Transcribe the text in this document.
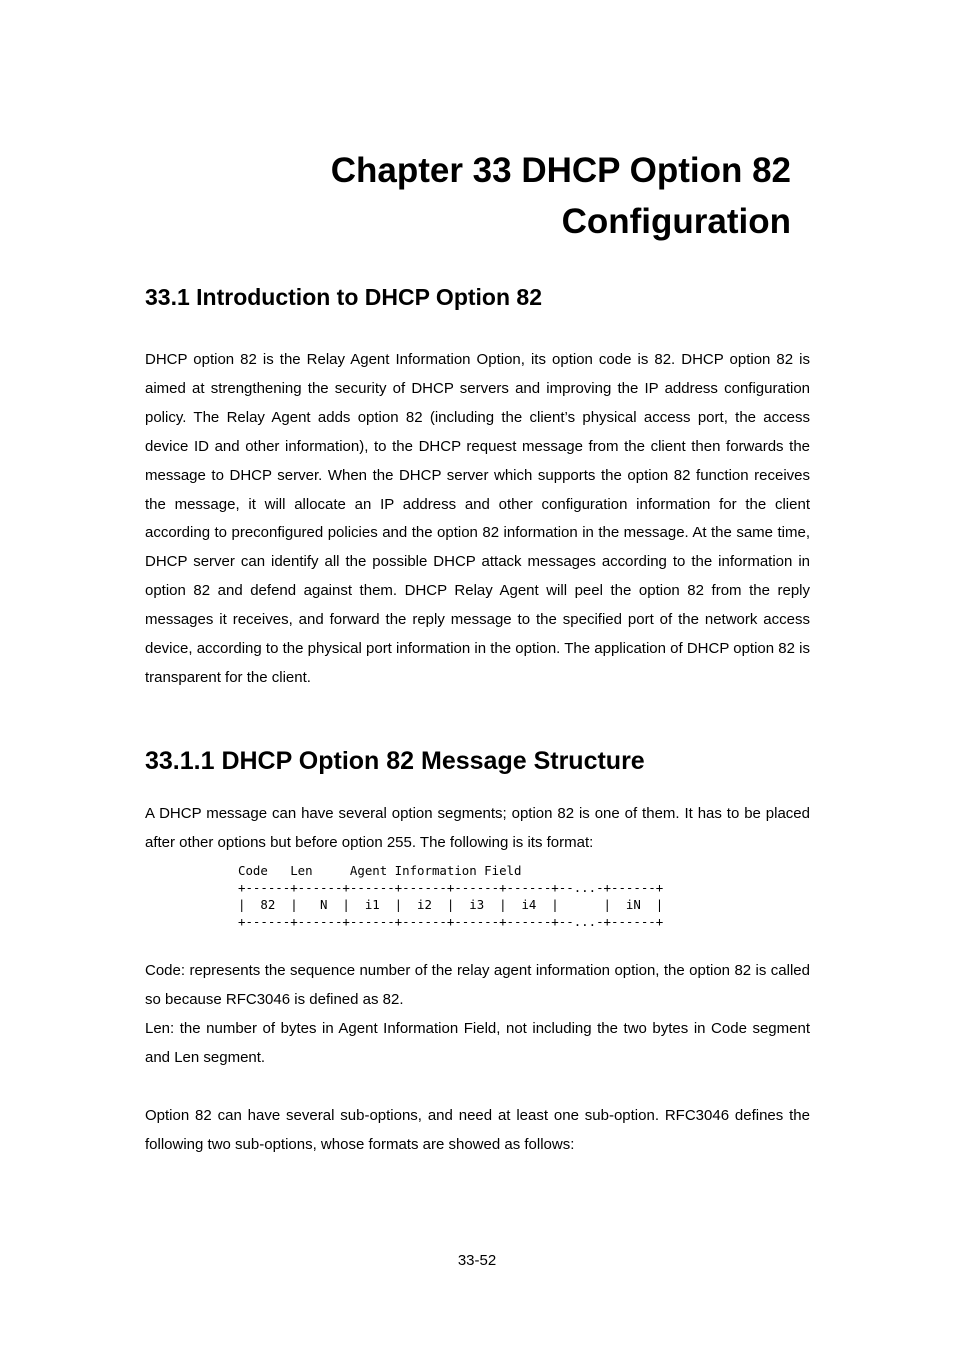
Chapter 33 DHCP Option 82
Configuration
33.1 Introduction to DHCP Option 82

DHCP option 82 is the Relay Agent Information Option, its option code is 82. DHCP option 82 is aimed at strengthening the security of DHCP servers and improving the IP address configuration policy. The Relay Agent adds option 82 (including the client’s physical access port, the access device ID and other information), to the DHCP request message from the client then forwards the message to DHCP server. When the DHCP server which supports the option 82 function receives the message, it will allocate an IP address and other configuration information for the client according to preconfigured policies and the option 82 information in the message. At the same time, DHCP server can identify all the possible DHCP attack messages according to the information in option 82 and defend against them. DHCP Relay Agent will peel the option 82 from the reply messages it receives, and forward the reply message to the specified port of the network access device, according to the physical port information in the option. The application of DHCP option 82 is transparent for the client.

33.1.1 DHCP Option 82 Message Structure

A DHCP message can have several option segments; option 82 is one of them. It has to be placed after other options but before option 255. The following is its format:

Code   Len     Agent Information Field
+------+------+------+------+------+------+--...-+------+
|  82  |   N  |  i1  |  i2  |  i3  |  i4  |      |  iN  |
+------+------+------+------+------+------+--...-+------+

Code: represents the sequence number of the relay agent information option, the option 82 is called so because RFC3046 is defined as 82.

Len: the number of bytes in Agent Information Field, not including the two bytes in Code segment and Len segment.

Option 82 can have several sub-options, and need at least one sub-option. RFC3046 defines the following two sub-options, whose formats are showed as follows:

33-52
